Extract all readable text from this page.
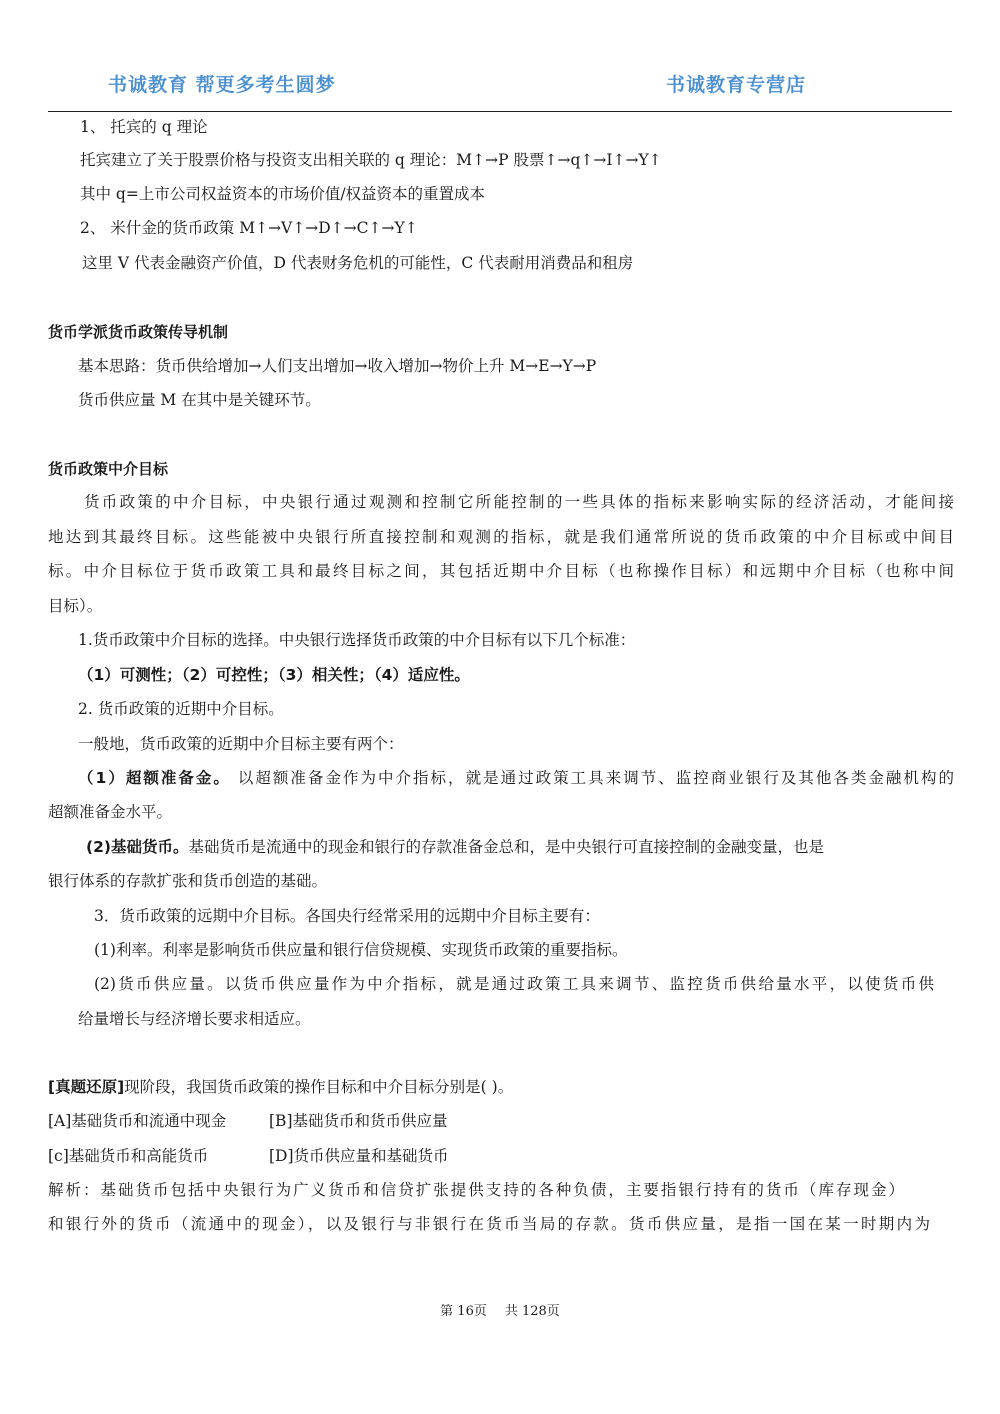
书诚教育 帮更多考生圆梦	书诚教育专营店
1、 托宾的 q 理论
托宾建立了关于股票价格与投资支出相关联的 q 理论：M↑→P 股票↑→q↑→I↑→Y↑
其中 q=上市公司权益资本的市场价值/权益资本的重置成本
2、 米什金的货币政策 M↑→V↑→D↑→C↑→Y↑
这里 V 代表金融资产价值，D 代表财务危机的可能性，C 代表耐用消费品和租房
货币学派货币政策传导机制
基本思路：货币供给增加→人们支出增加→收入增加→物价上升 M→E→Y→P
货币供应量 M 在其中是关键环节。
货币政策中介目标
货币政策的中介目标，中央银行通过观测和控制它所能控制的一些具体的指标来影响实际的经济活动，才能间接
地达到其最终目标。这些能被中央银行所直接控制和观测的指标，就是我们通常所说的货币政策的中介目标或中间目
标。中介目标位于货币政策工具和最终目标之间，其包括近期中介目标（也称操作目标）和远期中介目标（也称中间
目标）。
1.货币政策中介目标的选择。中央银行选择货币政策的中介目标有以下几个标准：
（1）可测性；（2）可控性；（3）相关性；（4）适应性。
2. 货币政策的近期中介目标。
一般地，货币政策的近期中介目标主要有两个：
（1）超额准备金。 以超额准备金作为中介指标，就是通过政策工具来调节、监控商业银行及其他各类金融机构的
超额准备金水平。
(2)基础货币。基础货币是流通中的现金和银行的存款准备金总和，是中央银行可直接控制的金融变量，也是
银行体系的存款扩张和货币创造的基础。
3．货币政策的远期中介目标。各国央行经常采用的远期中介目标主要有：
(1)利率。利率是影响货币供应量和银行信贷规模、实现货币政策的重要指标。
(2)货币供应量。以货币供应量作为中介指标，就是通过政策工具来调节、监控货币供给量水平，以使货币供
给量增长与经济增长要求相适应。
[真题还原]现阶段，我国货币政策的操作目标和中介目标分别是( )。
[A]基础货币和流通中现金	[B]基础货币和货币供应量
[c]基础货币和高能货币	[D]货币供应量和基础货币
解析：基础货币包括中央银行为广义货币和信贷扩张提供支持的各种负债，主要指银行持有的货币（库存现金）
和银行外的货币（流通中的现金），以及银行与非银行在货币当局的存款。货币供应量，是指一国在某一时期内为
第 16页 共 128页
